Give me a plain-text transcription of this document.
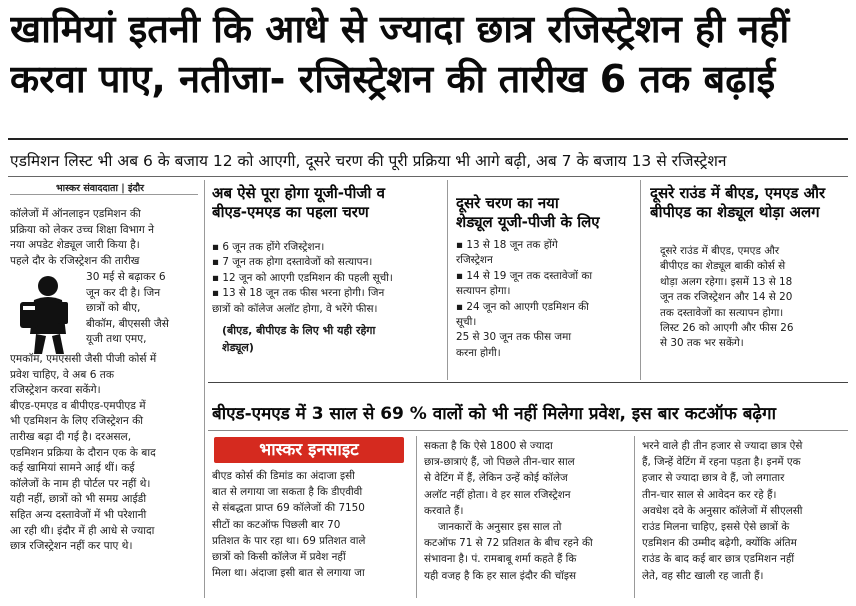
खामियां इतनी कि आधे से ज्यादा छात्र रजिस्ट्रेशन ही नहीं
करवा पाए, नतीजा- रजिस्ट्रेशन की तारीख 6 तक बढ़ाई
एडमिशन लिस्ट भी अब 6 के बजाय 12 को आएगी, दूसरे चरण की पूरी प्रक्रिया भी आगे बढ़ी, अब 7 के बजाय 13 से रजिस्ट्रेशन
भास्कर संवाददाता | इंदौर
कॉलेजों में ऑनलाइन एडमिशन की
प्रक्रिया को लेकर उच्च शिक्षा विभाग ने
नया अपडेट शेड्यूल जारी किया है।
पहले दौर के रजिस्ट्रेशन की तारीख
30 मई से बढ़ाकर 6
जून कर दी है। जिन
छात्रों को बीए,
बीकॉम, बीएससी जैसे
यूजी तथा एमए,
एमकॉम, एमएससी जैसी पीजी कोर्स में
प्रवेश चाहिए, वे अब 6 तक
रजिस्ट्रेशन करवा सकेंगे।
बीएड-एमएड व बीपीएड-एमपीएड में
भी एडमिशन के लिए रजिस्ट्रेशन की
तारीख बढ़ा दी गई है। दरअसल,
एडमिशन प्रक्रिया के दौरान एक के बाद
कई खामियां सामने आई थीं। कई
कॉलेजों के नाम ही पोर्टल पर नहीं थे।
यही नहीं, छात्रों को भी समग्र आईडी
सहित अन्य दस्तावेजों में भी परेशानी
आ रही थी। इंदौर में ही आधे से ज्यादा
छात्र रजिस्ट्रेशन नहीं कर पाए थे।
अब ऐसे पूरा होगा यूजी-पीजी व
बीएड-एमएड का पहला चरण
▪ 6 जून तक होंगे रजिस्ट्रेशन।
▪ 7 जून तक होगा दस्तावेजों को सत्यापन।
▪ 12 जून को आएगी एडमिशन की पहली सूची।
▪ 13 से 18 जून तक फीस भरना होगी। जिन
छात्रों को कॉलेज अलॉट होगा, वे भरेंगे फीस।
(बीएड, बीपीएड के लिए भी यही रहेगा
शेड्यूल)
दूसरे चरण का नया
शेड्यूल यूजी-पीजी के लिए
▪ 13 से 18 जून तक होंगे
रजिस्ट्रेशन
▪ 14 से 19 जून तक दस्तावेजों का
सत्यापन होगा।
▪ 24 जून को आएगी एडमिशन की
सूची।
25 से 30 जून तक फीस जमा
करना होगी।
दूसरे राउंड में बीएड, एमएड और
बीपीएड का शेड्यूल थोड़ा अलग
दूसरे राउंड में बीएड, एमएड और
बीपीएड का शेड्यूल बाकी कोर्स से
थोड़ा अलग रहेगा। इसमें 13 से 18
जून तक रजिस्ट्रेशन और 14 से 20
तक दस्तावेजों का सत्यापन होगा।
लिस्ट 26 को आएगी और फीस 26
से 30 तक भर सकेंगे।
बीएड-एमएड में 3 साल से 69 % वालों को भी नहीं मिलेगा प्रवेश, इस बार कटऑफ बढ़ेगा
भास्कर इनसाइट
बीएड कोर्स की डिमांड का अंदाजा इसी
बात से लगाया जा सकता है कि डीएवीवी
से संबद्धता प्राप्त 69 कॉलेजों की 7150
सीटों का कटऑफ पिछली बार 70
प्रतिशत के पार रहा था। 69 प्रतिशत वाले
छात्रों को किसी कॉलेज में प्रवेश नहीं
मिला था। अंदाजा इसी बात से लगाया जा
सकता है कि ऐसे 1800 से ज्यादा
छात्र-छात्राएं हैं, जो पिछले तीन-चार साल
से वेटिंग में हैं, लेकिन उन्हें कोई कॉलेज
अलॉट नहीं होता। वे हर साल रजिस्ट्रेशन
करवाते हैं।
जानकारों के अनुसार इस साल तो
कटऑफ 71 से 72 प्रतिशत के बीच रहने की
संभावना है। पं. रामबाबू शर्मा कहते हैं कि
यही वजह है कि हर साल इंदौर की चॉइस
भरने वाले ही तीन हजार से ज्यादा छात्र ऐसे
हैं, जिन्हें वेटिंग में रहना पड़ता है। इनमें एक
हजार से ज्यादा छात्र वे हैं, जो लगातार
तीन-चार साल से आवेदन कर रहे हैं।
अवधेश दवे के अनुसार कॉलेजों में सीएलसी
राउंड मिलना चाहिए, इससे ऐसे छात्रों के
एडमिशन की उम्मीद बढ़ेगी, क्योंकि अंतिम
राउंड के बाद कई बार छात्र एडमिशन नहीं
लेते, वह सीट खाली रह जाती हैं।
